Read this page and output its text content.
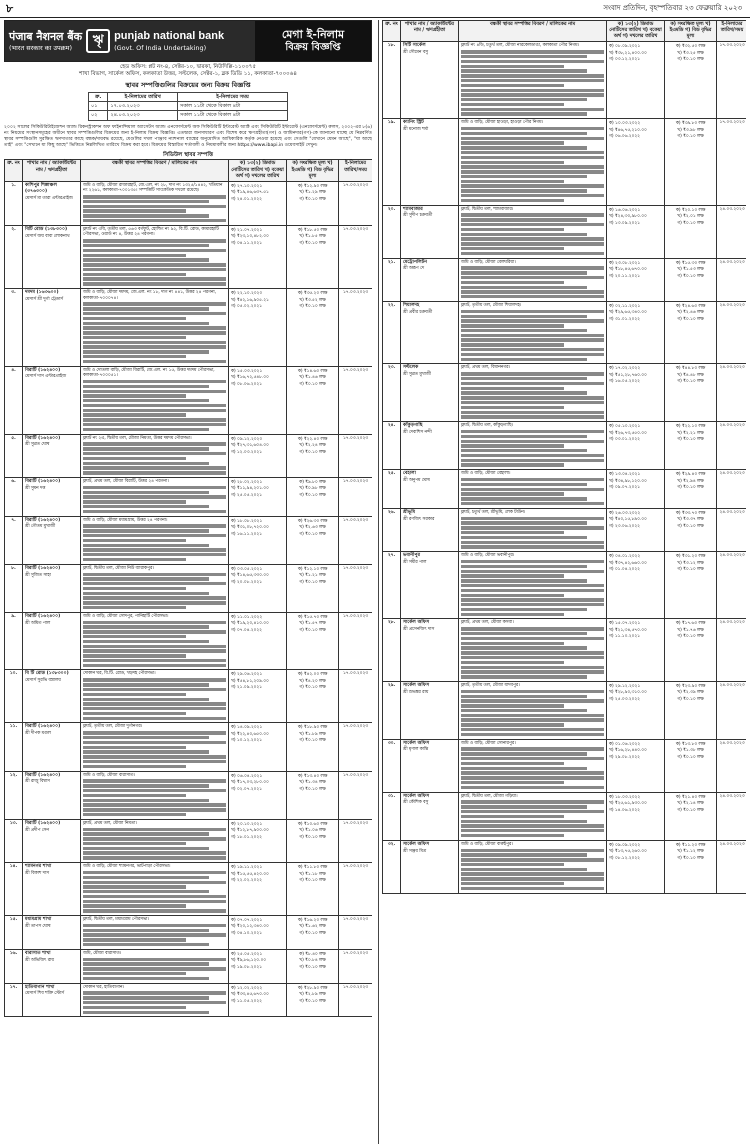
৮	সংবাদ প্রতিদিন, বৃহস্পতিবার ২৩ ফেব্রুয়ারি ২০২৩
पंजाब नैशनल बैंक
(भारत सरकार का उपक्रम)	ৠ punjab national bank
(Govt. Of India Undertaking)
মেগা ই-নিলাম
বিক্রয় বিজ্ঞপ্তি
হেড অফিস: প্লট নং-৪, সেক্টর-১০, দ্বারকা, নিউদিল্লি-১১০০৭৫
শাখা বিভাগ, সার্কেল অফিস, কলকাতা উত্তর, সল্টলেক, সেক্টর-১, ব্লক ডিডি ১১, কলকাতা-৭০০০৬৪
স্থাবর সম্পত্তিগুলির বিক্রয়ের জন্য বিক্রয় বিজ্ঞপ্তি
ক্র.	ই-নিলামের তারিখ	ই-নিলামের সময়
০১	১৭.০৩.২০২৩	সকাল ১১টা থেকে বিকাল ৪টা
০২	২৪.০৩.২০২৩	সকাল ১১টা থেকে বিকাল ৪টা
২০০২ সালের সিকিউরিটাইজেশন অ্যান্ড রিকনস্ট্রাকশন অফ ফাইনান্সিয়াল অ্যাসেটস অ্যান্ড এনফোর্সমেন্ট অফ সিকিউরিটি ইন্টারেস্ট অ্যাক্ট এবং সিকিউরিটি ইন্টারেস্ট (এনফোর্সমেন্ট) রুলস, ২০০২-এর ৮(৬) নং নিয়মের সংস্থানসমূহের অধীনে স্থাবর সম্পত্তিগুলির বিক্রয়ের জন্য ই-নিলাম বিক্রয় বিজ্ঞপ্তি। এতদ্বারা জনসাধারণ এবং বিশেষ করে ঋণগ্রহীতা(গণ) ও জামিনদার(গণ)-কে জানানো যাচ্ছে যে নিম্নবর্ণিত স্থাবর সম্পত্তিগুলি সুরক্ষিত ঋণদাতার কাছে বন্ধক/দায়বদ্ধ রয়েছে, যেগুলির দখল পাঞ্জাব ন্যাশনাল ব্যাঙ্কের অনুমোদিত আধিকারিক কর্তৃক নেওয়া হয়েছে এবং সেগুলি "যেখানে যেমন আছে", "যা আছে তাই" এবং "সেখানে যা কিছু আছে" ভিত্তিতে নিম্নলিখিত তারিখে বিক্রয় করা হবে। বিক্রয়ের বিস্তারিত শর্তাবলী ও নিয়মাবলীর জন্য https://www.ibapi.in ওয়েবসাইট দেখুন।
সিডিউল স্থাবর সম্পত্তি
ক্র. নং	শাখার নাম / অ্যাকাউন্টের নাম / ঋণগ্রহীতা	বন্ধকী স্থাবর সম্পত্তির বিবরণ / মালিকের নাম	ক) ১৩(২) ডিমান্ড নোটিসের তারিখ খ) বকেয়া অর্থ গ) দখলের তারিখ	ক) সংরক্ষিত মূল্য খ) ইএমডি গ) বিড বৃদ্ধির মূল্য	ই-নিলামের তারিখ/সময়
১.	কাশিপুর শিল্পাঞ্চল (৩৭৬৩০০)
মেসার্স মা তারা এন্টারপ্রাইজ	জমি ও বাড়ি, মৌজা রাজারহাট, জে.এল. নং ২৮, দাগ নং ১৩২৫/১৪৪২, খতিয়ান নং ২২৬১, কলকাতা-৭০০১৩৫। সম্পত্তিটি সাংকেতিক দখলে রয়েছে।	ক) ২৭.১০.২০২১
খ) ₹১৯,৪৬,৬৩৭.৫১
গ) ২৪.০১.২০২২	ক) ₹১২.৯০ লক্ষ
খ) ₹১.২৯ লক্ষ
গ) ₹০.১০ লক্ষ	১৭.০৩.২০২৩
২.	বিটি রোড (১৩৮৩০০)
মেসার্স জয় বাবা লোকনাথ	ফ্ল্যাট নং ৩বি, তৃতীয় তল, ৫৬৩ বর্গফুট, হোল্ডিং নং ৯২, বি.টি. রোড, কামারহাটি পৌরসভা, ওয়ার্ড নং ৪, উত্তর ২৪ পরগনা।	ক) ২১.০৭.২০২১
খ) ₹২৩,১০,৪৮২.০০
গ) ০৪.১১.২০২১	ক) ₹১৮.৫০ লক্ষ
খ) ₹১.৮৫ লক্ষ
গ) ₹০.১০ লক্ষ	১৭.০৩.২০২৩
৩.	দমদম (১৬৩৬০০)
মেসার্স শ্রী দুর্গা ট্রেডার্স	জমি ও বাড়ি, মৌজা দমদম, জে.এল. নং ১৮, দাগ নং ৪৪১, উত্তর ২৪ পরগনা, কলকাতা-৭০০০৭৪।	ক) ২২.১০.২০২০
খ) ₹৪২,১৬,৯০৫.২১
গ) ০৫.০২.২০২১	ক) ₹৩৫.২০ লক্ষ
খ) ₹৩.৫২ লক্ষ
গ) ₹০.১০ লক্ষ	১৭.০৩.২০২৩
৪.	বিরাটি (১৬২৪০০)
মেসার্স দাস এন্টারপ্রাইজ	জমি ও দোতলা বাড়ি, মৌজা বিরাটি, জে.এল. নং ১৫, উত্তর দমদম পৌরসভা, কলকাতা-৭০০০৫১।	ক) ১৫.০৩.২০২১
খ) ₹১৬,৭২,৫৪৮.০০
গ) ০৮.০৬.২০২১	ক) ₹১৪.৬০ লক্ষ
খ) ₹১.৪৬ লক্ষ
গ) ₹০.১০ লক্ষ	১৭.০৩.২০২৩
৫.	বিরাটি (১৬২৪০০)
শ্রী সুব্রত ঘোষ	ফ্ল্যাট নং ২এ, দ্বিতীয় তল, মৌজা নিমতা, উত্তর দমদম পৌরসভা।	ক) ০৯.১২.২০২০
খ) ₹২৭,৩১,৬০৪.০০
গ) ১২.০৩.২০২১	ক) ₹২২.৪০ লক্ষ
খ) ₹২.২৪ লক্ষ
গ) ₹০.১০ লক্ষ	১৭.০৩.২০২৩
৬.	বিরাটি (১৬২৪০০)
শ্রী সুমন দত্ত	ফ্ল্যাট, প্রথম তল, মৌজা বিরাটি, উত্তর ২৪ পরগনা।	ক) ২৮.০২.২০২১
খ) ₹১১,৯৪,২০১.০০
গ) ২৫.০৫.২০২১	ক) ₹৯.৮০ লক্ষ
খ) ₹০.৯৮ লক্ষ
গ) ₹০.১০ লক্ষ	১৭.০৩.২০২৩
৭.	বিরাটি (১৬২৪০০)
শ্রী গৌতম মুখার্জী	জমি ও বাড়ি, মৌজা মধ্যমগ্রাম, উত্তর ২৪ পরগনা।	ক) ১৮.০৮.২০২১
খ) ₹৩১,০৮,৭২০.০০
গ) ১৬.১১.২০২১	ক) ₹২৬.৩০ লক্ষ
খ) ₹২.৬৩ লক্ষ
গ) ₹০.১০ লক্ষ	১৭.০৩.২০২৩
৮.	বিরাটি (১৬২৪০০)
শ্রী সুজিত সাহা	ফ্ল্যাট, দ্বিতীয় তল, মৌজা নিউ ব্যারাকপুর।	ক) ০৩.০৫.২০২১
খ) ₹১৪,৬৫,৩৩০.০০
গ) ২০.০৮.২০২১	ক) ₹১২.১০ লক্ষ
খ) ₹১.২১ লক্ষ
গ) ₹০.১০ লক্ষ	১৭.০৩.২০২৩
৯.	বিরাটি (১৬২৪০০)
শ্রী অমিত পাল	জমি ও বাড়ি, মৌজা সোদপুর, পানিহাটি পৌরসভা।	ক) ১১.০১.২০২২
খ) ₹১৯,২০,৪১০.০০
গ) ০৭.০৪.২০২২	ক) ₹১৫.৭০ লক্ষ
খ) ₹১.৫৭ লক্ষ
গ) ₹০.১০ লক্ষ	১৭.০৩.২০২৩
১০.	বি টি রোড (১৩৮৩০০)
মেসার্স সুরভি বস্ত্রালয়	দোকান ঘর, বি.টি. রোড, খড়দহ পৌরসভা।	ক) ২৯.০৬.২০২১
খ) ₹৫৪,৮১,২০৯.০০
গ) ২১.০৯.২০২১	ক) ₹৪২.০০ লক্ষ
খ) ₹৪.২০ লক্ষ
গ) ₹০.১০ লক্ষ	১৭.০৩.২০২৩
১১.	বিরাটি (১৬২৪০০)
শ্রী দীপক মণ্ডল	ফ্ল্যাট, তৃতীয় তল, মৌজা দুর্গানগর।	ক) ১৪.০৯.২০২১
খ) ₹২২,৪০,৬৫০.০০
গ) ১০.১২.২০২১	ক) ₹১৮.৯০ লক্ষ
খ) ₹১.৮৯ লক্ষ
গ) ₹০.১০ লক্ষ	১৭.০৩.২০২৩
১২.	বিরাটি (১৬২৪০০)
শ্রী রাজু বিশ্বাস	জমি ও বাড়ি, মৌজা বারাসাত।	ক) ০৬.০৪.২০২১
খ) ₹১৭,০৩,২৮০.০০
গ) ০২.০৭.২০২১	ক) ₹১৩.৪০ লক্ষ
খ) ₹১.৩৪ লক্ষ
গ) ₹০.১০ লক্ষ	১৭.০৩.২০২৩
১৩.	বিরাটি (১৬২৪০০)
শ্রী প্রদীপ সেন	ফ্ল্যাট, প্রথম তল, মৌজা নিমতা।	ক) ২০.১০.২০২১
খ) ₹১২,৮৭,৯০০.০০
গ) ১৮.০১.২০২২	ক) ₹১০.৬০ লক্ষ
খ) ₹১.০৬ লক্ষ
গ) ₹০.১০ লক্ষ	১৭.০৩.২০২৩
১৪.	শ্যামনগর শাখা
শ্রী বিকাশ দাস	জমি ও বাড়ি, মৌজা শ্যামনগর, ভাটপাড়া পৌরসভা।	ক) ১৯.১১.২০২১
খ) ₹১৫,৫৫,৪২০.০০
গ) ২২.০২.২০২২	ক) ₹১১.৮০ লক্ষ
খ) ₹১.১৮ লক্ষ
গ) ₹০.১০ লক্ষ	১৭.০৩.২০২৩
১৫.	মধ্যমগ্রাম শাখা
শ্রী তাপস ঘোষ	ফ্ল্যাট, দ্বিতীয় তল, মধ্যমগ্রাম পৌরসভা।	ক) ০৭.০৭.২০২১
খ) ₹২০,১২,৩৪০.০০
গ) ০৪.১০.২০২১	ক) ₹১৬.২০ লক্ষ
খ) ₹১.৬২ লক্ষ
গ) ₹০.১০ লক্ষ	১৭.০৩.২০২৩
১৬.	বারাসাত শাখা
শ্রী অভিজিৎ রায়	জমি, মৌজা বারাসাত।	ক) ২৫.০৫.২০২১
খ) ₹৯,৮৬,১২০.০০
গ) ১৯.০৮.২০২১	ক) ₹৮.৪০ লক্ষ
খ) ₹০.৮৪ লক্ষ
গ) ₹০.১০ লক্ষ	১৭.০৩.২০২৩
১৭.	হাতিবাগান শাখা
মেসার্স শিব শক্তি স্টোর্স	দোকান ঘর, হাতিবাগান।	ক) ১২.০২.২০২২
খ) ₹৩৩,৪৫,৬৭০.০০
গ) ১১.০৫.২০২২	ক) ₹২৮.৯০ লক্ষ
খ) ₹২.৮৯ লক্ষ
গ) ₹০.১০ লক্ষ	১৭.০৩.২০২৩
ক্র. নং	শাখার নাম / অ্যাকাউন্টের নাম / ঋণগ্রহীতা	বন্ধকী স্থাবর সম্পত্তির বিবরণ / মালিকের নাম	ক) ১৩(২) ডিমান্ড নোটিসের তারিখ খ) বকেয়া অর্থ গ) দখলের তারিখ	ক) সংরক্ষিত মূল্য খ) ইএমডি গ) বিড বৃদ্ধির মূল্য	ই-নিলামের তারিখ/সময়
১৮.	সিটি সার্কেল
শ্রী সৌমেন বসু	ফ্ল্যাট নং ৪ডি, চতুর্থ তল, মৌজা নারকেলডাঙা, কলকাতা পৌর নিগম।	ক) ০৮.০৯.২০২১
খ) ₹৩৮,২১,৪০০.০০
গ) ০৩.১২.২০২১	ক) ₹৩২.৫০ লক্ষ
খ) ₹৩.২৫ লক্ষ
গ) ₹০.১০ লক্ষ	১৭.০৩.২০২৩
১৯.	ক্যানিং স্ট্রিট
শ্রী মনোজ শর্মা	জমি ও বাড়ি, মৌজা হাওড়া, হাওড়া পৌর নিগম।	ক) ১০.০৩.২০২২
খ) ₹৪৬,৭৫,২১০.০০
গ) ০৬.০৬.২০২২	ক) ₹৩৯.৮০ লক্ষ
খ) ₹৩.৯৮ লক্ষ
গ) ₹০.১০ লক্ষ	১৭.০৩.২০২৩
২০.	শ্যামবাজার
শ্রী সুদীপ চক্রবর্তী	ফ্ল্যাট, দ্বিতীয় তল, শ্যামবাজার।	ক) ১৬.০৬.২০২১
খ) ₹২৪,৩০,৯৮০.০০
গ) ১৩.০৯.২০২১	ক) ₹২০.১০ লক্ষ
খ) ₹২.০১ লক্ষ
গ) ₹০.১০ লক্ষ	২৪.০৩.২০২৩
২১.	মেট্রোপলিটন
শ্রী অরূপ দে	জমি ও বাড়ি, মৌজা বেলঘরিয়া।	ক) ২৩.০৮.২০২১
খ) ₹১৮,৪৫,৬৭০.০০
গ) ২০.১১.২০২১	ক) ₹১৫.৩০ লক্ষ
খ) ₹১.৫৩ লক্ষ
গ) ₹০.১০ লক্ষ	২৪.০৩.২০২৩
২২.	শিয়ালদহ
শ্রী প্রবীর চক্রবর্তী	ফ্ল্যাট, তৃতীয় তল, মৌজা শিয়ালদহ।	ক) ০২.১১.২০২১
খ) ₹২৯,৬৫,৩৪০.০০
গ) ৩১.০১.২০২২	ক) ₹২৪.৬০ লক্ষ
খ) ₹২.৪৬ লক্ষ
গ) ₹০.১০ লক্ষ	২৪.০৩.২০২৩
২৩.	সল্টলেক
শ্রী সুব্রত মুখার্জী	ফ্ল্যাট, প্রথম তল, বিধাননগর।	ক) ১৭.০২.২০২২
খ) ₹৫১,২৮,৭৬০.০০
গ) ১৬.০৫.২০২২	ক) ₹৪৪.৮০ লক্ষ
খ) ₹৪.৪৮ লক্ষ
গ) ₹০.১০ লক্ষ	২৪.০৩.২০২৩
২৪.	কাঁকুড়গাছি
শ্রী দেবাশিস নন্দী	ফ্ল্যাট, দ্বিতীয় তল, কাঁকুড়গাছি।	ক) ০৫.১০.২০২১
খ) ₹২৬,৭৩,৫৫০.০০
গ) ০৩.০১.২০২২	ক) ₹২২.১০ লক্ষ
খ) ₹২.২১ লক্ষ
গ) ₹০.১০ লক্ষ	২৪.০৩.২০২৩
২৫.	বেহালা
শ্রী অনুপম ঘোষ	জমি ও বাড়ি, মৌজা বেহালা।	ক) ১৩.০৪.২০২১
খ) ₹৩৪,৯৮,১২০.০০
গ) ০৯.০৭.২০২১	ক) ₹২৯.৪০ লক্ষ
খ) ₹২.৯৪ লক্ষ
গ) ₹০.১০ লক্ষ	২৪.০৩.২০২৩
২৬.	শ্রীভূমি
শ্রী রণজিৎ সরকার	ফ্ল্যাট, চতুর্থ তল, শ্রীভূমি, লেক টাউন।	ক) ২৬.০৩.২০২২
খ) ₹৪০,১৫,৮৯০.০০
গ) ২৩.০৬.২০২২	ক) ₹৩৩.৭০ লক্ষ
খ) ₹৩.৩৭ লক্ষ
গ) ₹০.১০ লক্ষ	২৪.০৩.২০২৩
২৭.	ভবানীপুর
শ্রী সমীর পাল	জমি ও বাড়ি, মৌজা ভবানীপুর।	ক) ০৪.০১.২০২২
খ) ₹৩৭,৪২,৬৬০.০০
গ) ০১.০৪.২০২২	ক) ₹৩১.২০ লক্ষ
খ) ₹৩.১২ লক্ষ
গ) ₹০.১০ লক্ষ	২৪.০৩.২০২৩
২৮.	সার্কেল অফিস
শ্রী প্রসেনজিৎ দাস	ফ্ল্যাট, প্রথম তল, মৌজা কসবা।	ক) ১৫.০৭.২০২১
খ) ₹২১,৩৪,৫৭০.০০
গ) ১১.১০.২০২১	ক) ₹১৭.৬০ লক্ষ
খ) ₹১.৭৬ লক্ষ
গ) ₹০.১০ লক্ষ	২৪.০৩.২০২৩
২৯.	সার্কেল অফিস
শ্রী শুভঙ্কর রায়	ফ্ল্যাট, তৃতীয় তল, মৌজা যাদবপুর।	ক) ২৯.১২.২০২১
খ) ₹২৮,৯০,৩১০.০০
গ) ২৫.০৩.২০২২	ক) ₹২৩.৯০ লক্ষ
খ) ₹২.৩৯ লক্ষ
গ) ₹০.১০ লক্ষ	২৪.০৩.২০২৩
৩০.	সার্কেল অফিস
শ্রী মৃণাল কান্তি	জমি ও বাড়ি, মৌজা সোনারপুর।	ক) ০১.০৬.২০২২
খ) ₹১৬,২৮,৪৪০.০০
গ) ২৯.০৮.২০২২	ক) ₹১৩.৮০ লক্ষ
খ) ₹১.৩৮ লক্ষ
গ) ₹০.১০ লক্ষ	২৪.০৩.২০২৩
৩১.	সার্কেল অফিস
শ্রী কৌশিক বসু	ফ্ল্যাট, দ্বিতীয় তল, মৌজা গড়িয়া।	ক) ১৮.০৩.২০২২
খ) ₹২৫,৬১,৯৩০.০০
গ) ১৪.০৬.২০২২	ক) ₹২১.৪০ লক্ষ
খ) ₹২.১৪ লক্ষ
গ) ₹০.১০ লক্ষ	২৪.০৩.২০২৩
৩২.	সার্কেল অফিস
শ্রী সঞ্জয় মিত্র	জমি ও বাড়ি, মৌজা বারুইপুর।	ক) ০৯.০৯.২০২২
খ) ₹১৩,৭৫,২৬০.০০
গ) ০৮.১২.২০২২	ক) ₹১১.২০ লক্ষ
খ) ₹১.১২ লক্ষ
গ) ₹০.১০ লক্ষ	২৪.০৩.২০২৩
